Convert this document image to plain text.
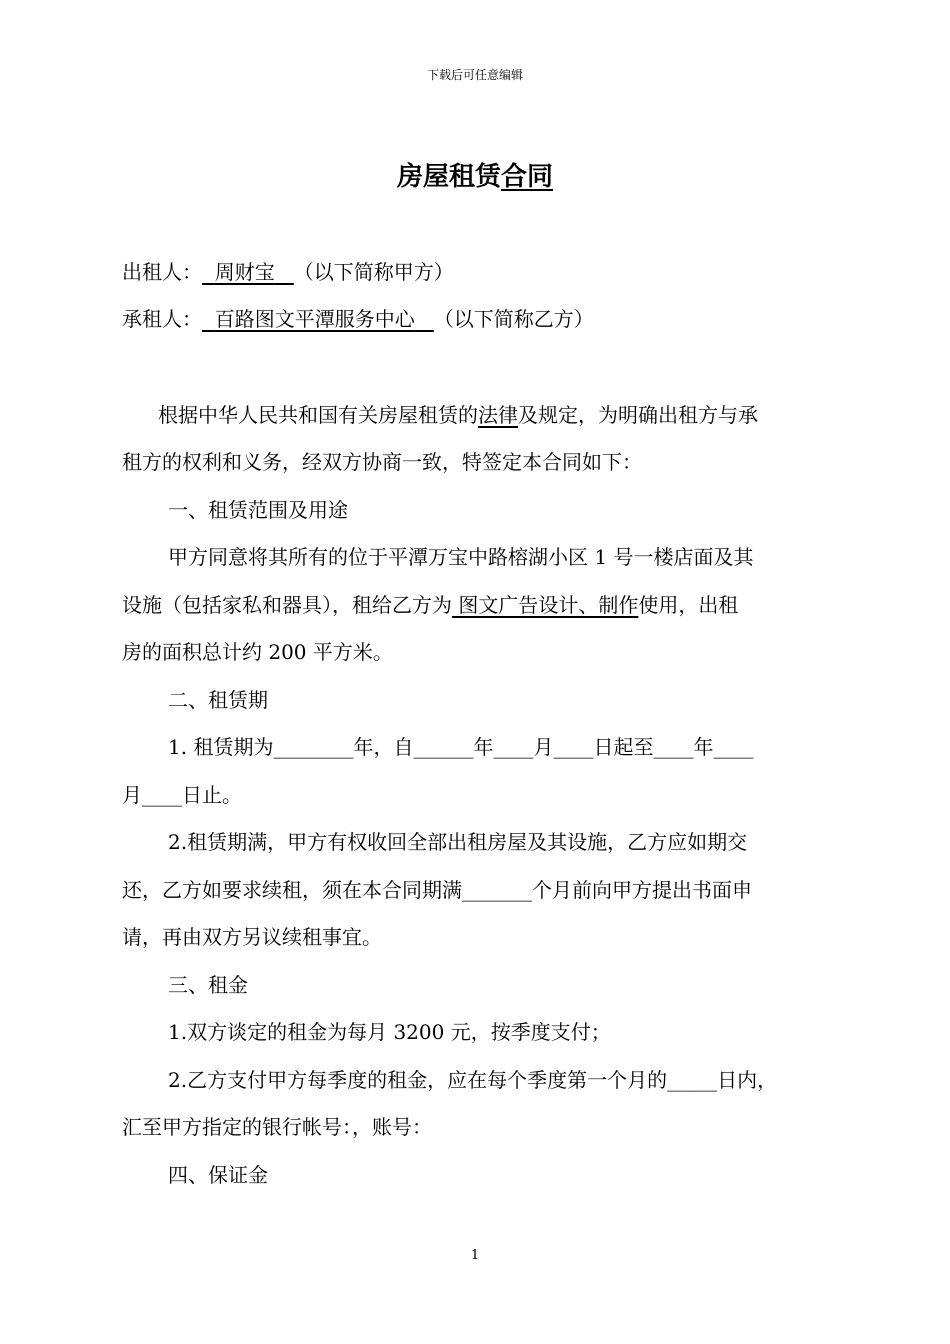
下载后可任意编辑
房屋租赁合同
出租人： 周财宝 （以下简称甲方）
承租人： 百路图文平潭服务中心 （以下简称乙方）
根据中华人民共和国有关房屋租赁的法律及规定，为明确出租方与承
租方的权利和义务，经双方协商一致，特签定本合同如下：
一、租赁范围及用途
甲方同意将其所有的位于平潭万宝中路榕湖小区 1 号一楼店面及其
设施（包括家私和器具），租给乙方为 图文广告设计、制作使用，出租
房的面积总计约 200 平方米。
二、租赁期
1. 租赁期为________年，自______年____月____日起至____年____
月____日止。
2.租赁期满，甲方有权收回全部出租房屋及其设施，乙方应如期交
还，乙方如要求续租，须在本合同期满_______个月前向甲方提出书面申
请，再由双方另议续租事宜。
三、租金
1.双方谈定的租金为每月 3200 元，按季度支付；
2.乙方支付甲方每季度的租金，应在每个季度第一个月的_____日内，
汇至甲方指定的银行帐号：，账号：
四、保证金
1
